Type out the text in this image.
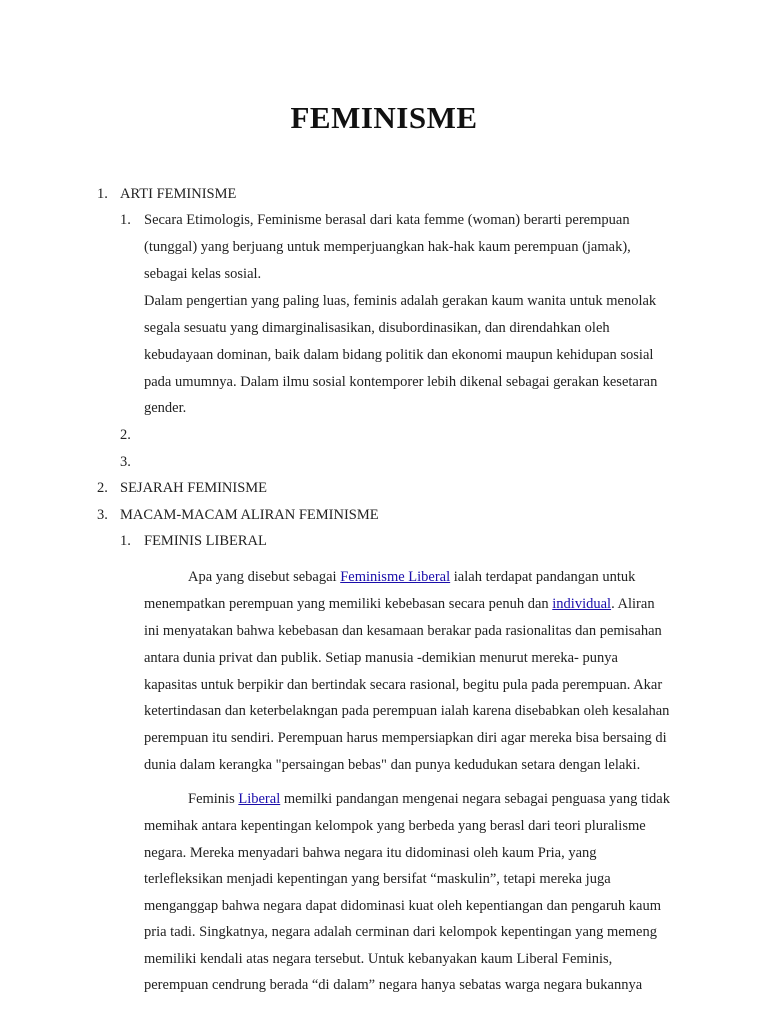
FEMINISME
1. ARTI FEMINISME
1. Secara Etimologis, Feminisme berasal dari kata femme (woman) berarti perempuan
(tunggal) yang berjuang untuk memperjuangkan hak-hak kaum perempuan (jamak),
sebagai kelas sosial.
Dalam pengertian yang paling luas, feminis adalah gerakan kaum wanita untuk menolak
segala sesuatu yang dimarginalisasikan, disubordinasikan, dan direndahkan oleh
kebudayaan dominan, baik dalam bidang politik dan ekonomi maupun kehidupan sosial
pada umumnya. Dalam ilmu sosial kontemporer lebih dikenal sebagai gerakan kesetaran
gender.
2.
3.
2. SEJARAH FEMINISME
3. MACAM-MACAM ALIRAN FEMINISME
1. FEMINIS LIBERAL
Apa yang disebut sebagai Feminisme Liberal ialah terdapat pandangan untuk
menempatkan perempuan yang memiliki kebebasan secara penuh dan individual. Aliran
ini menyatakan bahwa kebebasan dan kesamaan berakar pada rasionalitas dan pemisahan
antara dunia privat dan publik. Setiap manusia -demikian menurut mereka- punya
kapasitas untuk berpikir dan bertindak secara rasional, begitu pula pada perempuan. Akar
ketertindasan dan keterbelakngan pada perempuan ialah karena disebabkan oleh kesalahan
perempuan itu sendiri. Perempuan harus mempersiapkan diri agar mereka bisa bersaing di
dunia dalam kerangka "persaingan bebas" dan punya kedudukan setara dengan lelaki.
Feminis Liberal memilki pandangan mengenai negara sebagai penguasa yang tidak
memihak antara kepentingan kelompok yang berbeda yang berasl dari teori pluralisme
negara. Mereka menyadari bahwa negara itu didominasi oleh kaum Pria, yang
terlefleksikan menjadi kepentingan yang bersifat “maskulin”, tetapi mereka juga
menganggap bahwa negara dapat didominasi kuat oleh kepentiangan dan pengaruh kaum
pria tadi. Singkatnya, negara adalah cerminan dari kelompok kepentingan yang memeng
memiliki kendali atas negara tersebut. Untuk kebanyakan kaum Liberal Feminis,
perempuan cendrung berada “di dalam” negara hanya sebatas warga negara bukannya
